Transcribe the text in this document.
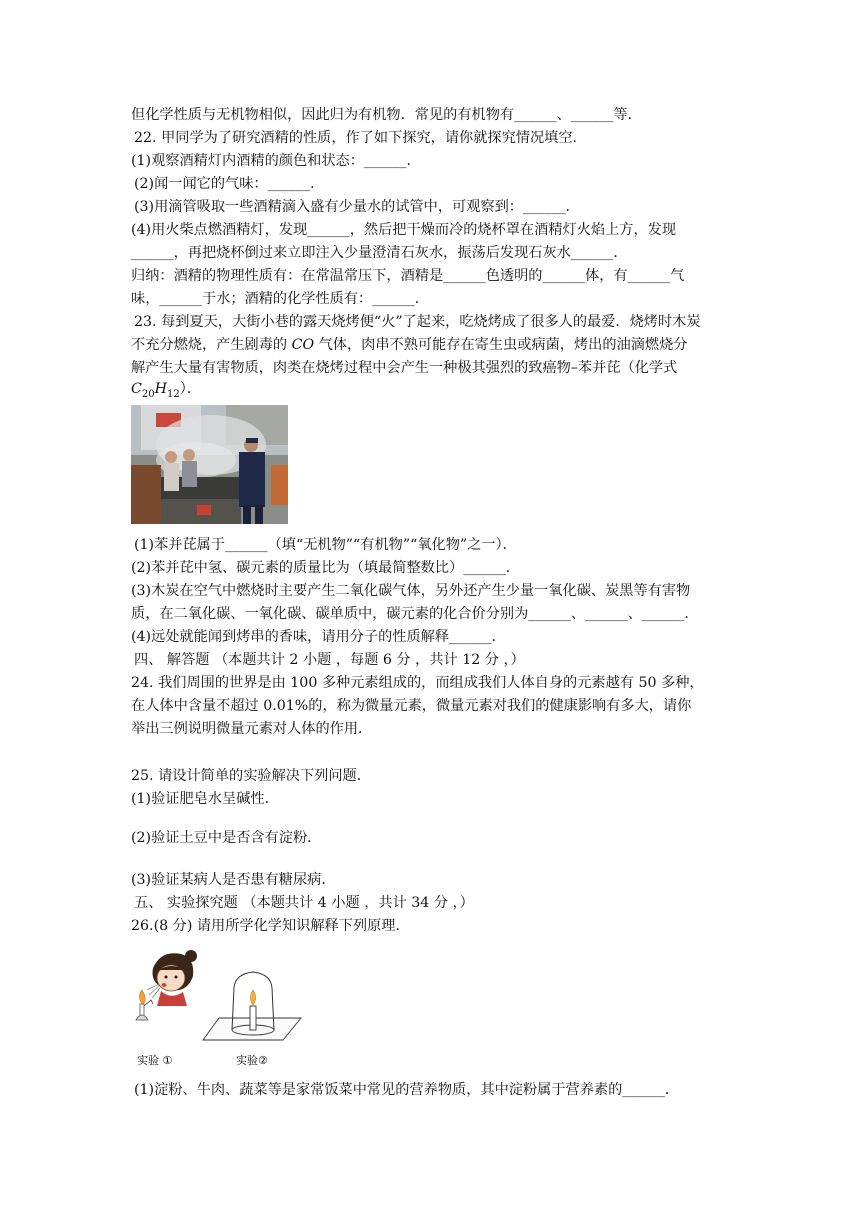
但化学性质与无机物相似，因此归为有机物．常见的有机物有______、______等．
22. 甲同学为了研究酒精的性质，作了如下探究，请你就探究情况填空．
(1)观察酒精灯内酒精的颜色和状态：______．
(2)闻一闻它的气味：______．
(3)用滴管吸取一些酒精滴入盛有少量水的试管中，可观察到：______．
(4)用火柴点燃酒精灯，发现______，然后把干燥而冷的烧杯罩在酒精灯火焰上方，发现
______，再把烧杯倒过来立即注入少量澄清石灰水，振荡后发现石灰水______．
归纳：酒精的物理性质有：在常温常压下，酒精是______色透明的______体，有______气
味，______于水；酒精的化学性质有：______．
23. 每到夏天，大街小巷的露天烧烤便“火”了起来，吃烧烤成了很多人的最爱．烧烤时木炭
不充分燃烧，产生剧毒的 CO 气体，肉串不熟可能存在寄生虫或病菌，烤出的油滴燃烧分
解产生大量有害物质，肉类在烧烤过程中会产生一种极其强烈的致癌物–苯并芘（化学式
$C_{20}H_{12}$）．
(1)苯并芘属于______（填“无机物”“有机物”“氧化物”之一）．
(2)苯并芘中氢、碳元素的质量比为（填最简整数比）______．
(3)木炭在空气中燃烧时主要产生二氧化碳气体，另外还产生少量一氧化碳、炭黑等有害物
质，在二氧化碳、一氧化碳、碳单质中，碳元素的化合价分别为______、______、______．
(4)远处就能闻到烤串的香味，请用分子的性质解释______．
四、 解答题 （本题共计 2 小题 ，每题 6 分 ，共计 12 分 ，）
24. 我们周围的世界是由 100 多种元素组成的，而组成我们人体自身的元素越有 50 多种，
在人体中含量不超过 0.01%的，称为微量元素，微量元素对我们的健康影响有多大，请你
举出三例说明微量元素对人体的作用．
25. 请设计简单的实验解决下列问题．
(1)验证肥皂水呈碱性．
(2)验证土豆中是否含有淀粉．
(3)验证某病人是否患有糖尿病．
五、 实验探究题 （本题共计 4 小题 ，共计 34 分 ，）
26.(8 分) 请用所学化学知识解释下列原理．
实验 ①	实验②
(1)淀粉、牛肉、蔬菜等是家常饭菜中常见的营养物质，其中淀粉属于营养素的______．
